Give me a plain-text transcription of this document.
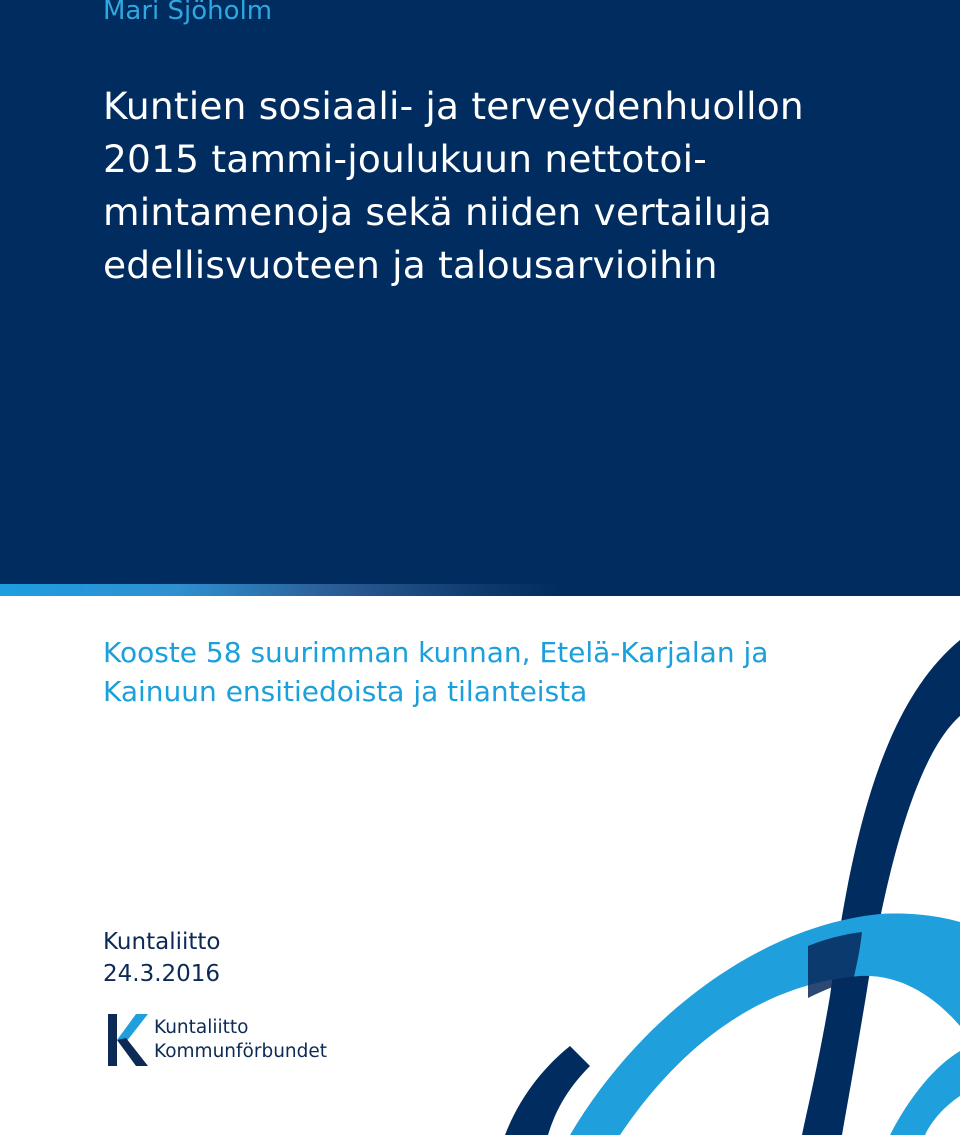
Mari Sjöholm

Kuntien sosiaali- ja terveydenhuollon
2015 tammi-joulukuun nettotoi-
mintamenoja sekä niiden vertailuja
edellisvuoteen ja talousarvioihin
Kooste 58 suurimman kunnan, Etelä-Karjalan ja
Kainuun ensitiedoista ja tilanteista
Kuntaliitto
24.3.2016
Kuntaliitto
Kommunförbundet
